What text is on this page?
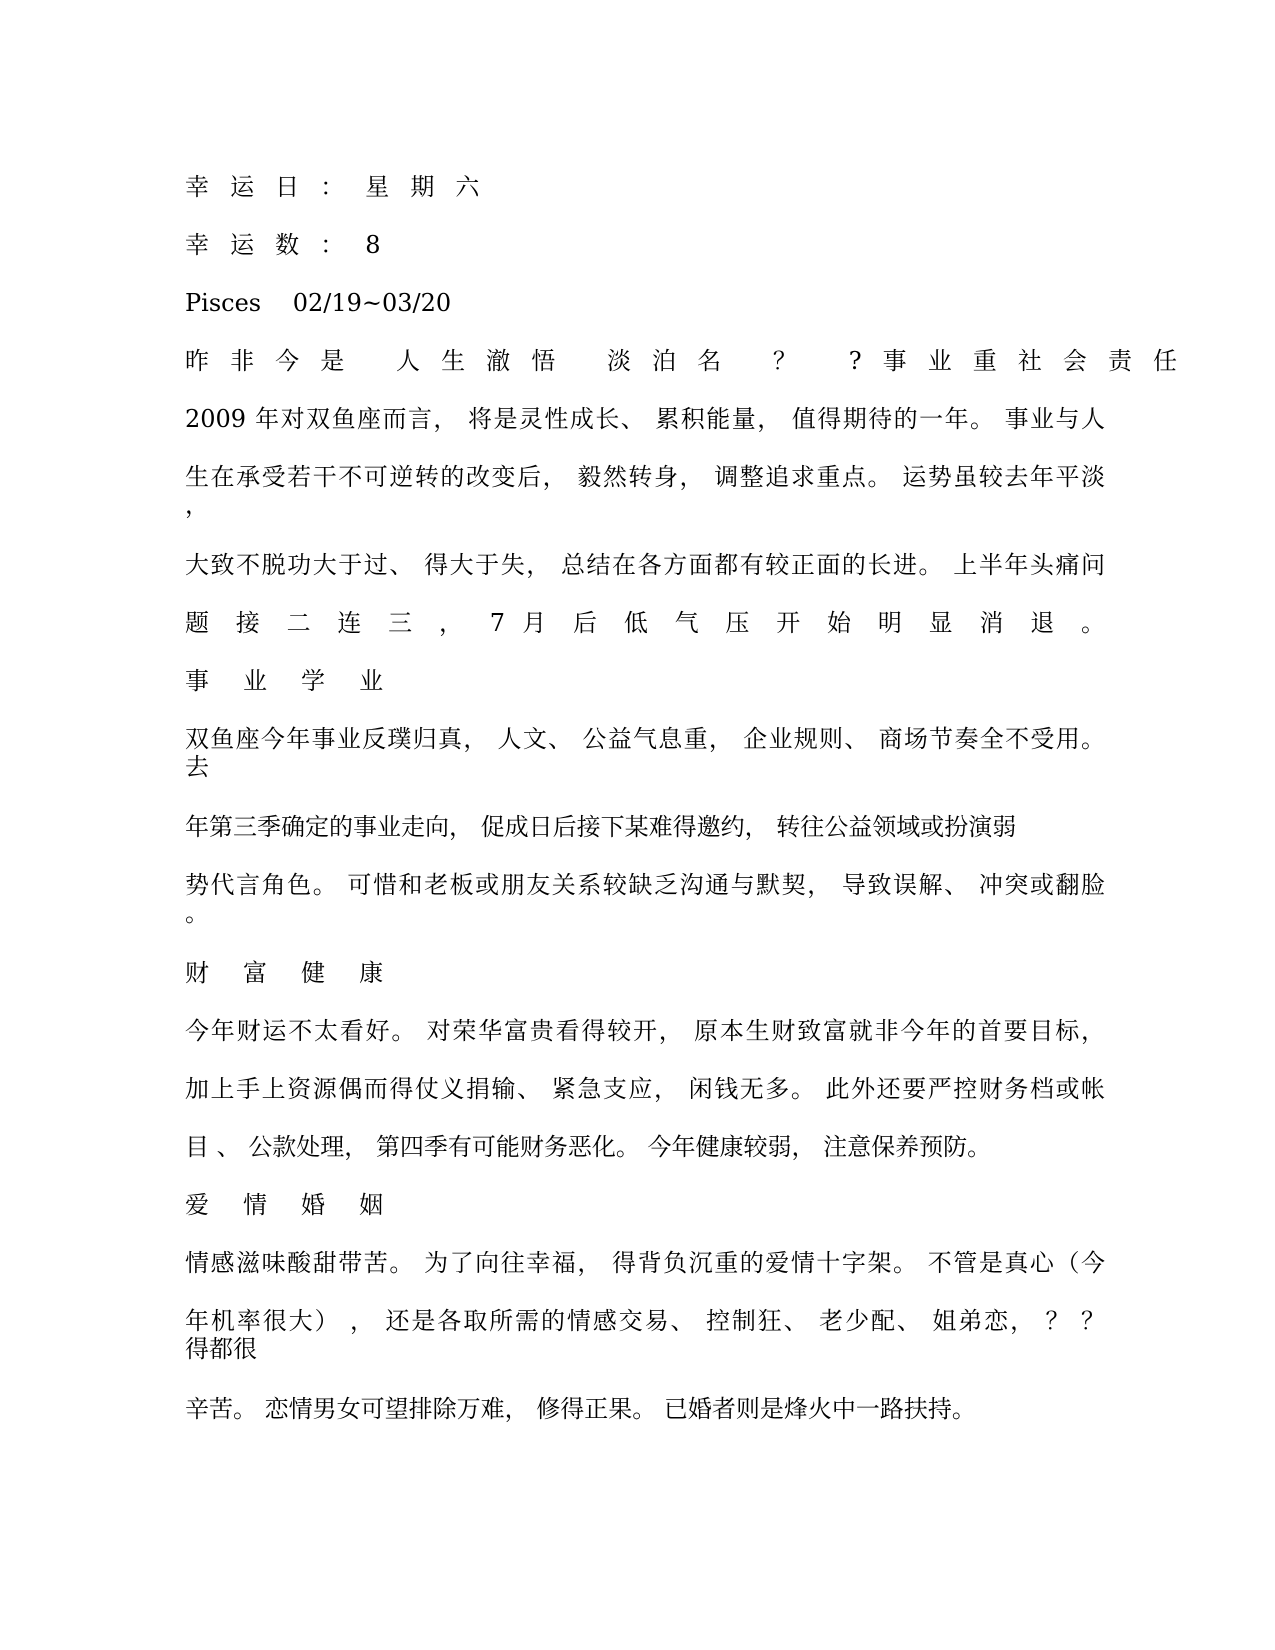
幸 运 日 ： 星 期 六
幸 运 数 ： 8
Pisces　 02/19~03/20
昨 非 今 是　 人 生 澈 悟　 淡 泊 名　 ？　 ? 事 业 重 社 会 责 任
2009 年对双鱼座而言， 将是灵性成长、 累积能量， 值得期待的一年。 事业与人
生在承受若干不可逆转的改变后， 毅然转身， 调整追求重点。 运势虽较去年平淡
，
大致不脱功大于过、 得大于失， 总结在各方面都有较正面的长进。 上半年头痛问
题 接 二 连 三 ， 7 月 后 低 气 压 开 始 明 显 消 退 。
事 业 学 业
双鱼座今年事业反璞归真， 人文、 公益气息重， 企业规则、 商场节奏全不受用。
去
年第三季确定的事业走向， 促成日后接下某难得邀约， 转往公益领域或扮演弱
势代言角色。 可惜和老板或朋友关系较缺乏沟通与默契， 导致误解、 冲突或翻脸
。
财 富 健 康
今年财运不太看好。 对荣华富贵看得较开， 原本生财致富就非今年的首要目标，
加上手上资源偶而得仗义捐输、 紧急支应， 闲钱无多。 此外还要严控财务档或帐
目 、 公款处理， 第四季有可能财务恶化。 今年健康较弱， 注意保养预防。
爱 情 婚 姻
情感滋味酸甜带苦。 为了向往幸福， 得背负沉重的爱情十字架。 不管是真心（今
年机率很大） ， 还是各取所需的情感交易、 控制狂、 老少配、 姐弟恋， ？ ？
得都很
辛苦。 恋情男女可望排除万难， 修得正果。 已婚者则是烽火中一路扶持。
